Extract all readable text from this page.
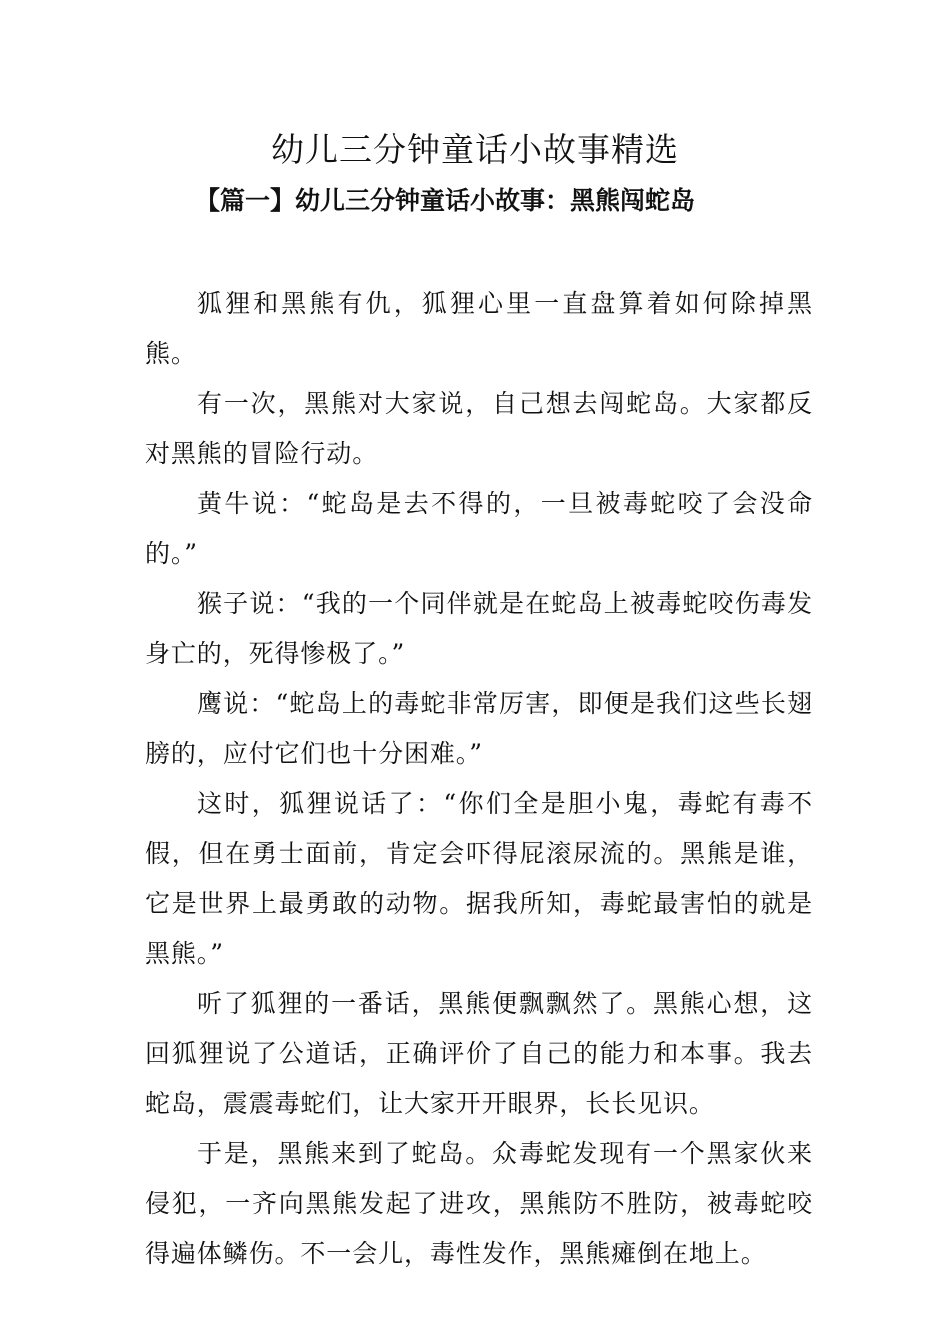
幼儿三分钟童话小故事精选
【篇一】幼儿三分钟童话小故事：黑熊闯蛇岛

狐狸和黑熊有仇，狐狸心里一直盘算着如何除掉黑熊。

有一次，黑熊对大家说，自己想去闯蛇岛。大家都反对黑熊的冒险行动。

黄牛说：“蛇岛是去不得的，一旦被毒蛇咬了会没命的。”

猴子说：“我的一个同伴就是在蛇岛上被毒蛇咬伤毒发身亡的，死得惨极了。”

鹰说：“蛇岛上的毒蛇非常厉害，即便是我们这些长翅膀的，应付它们也十分困难。”

这时，狐狸说话了：“你们全是胆小鬼，毒蛇有毒不假，但在勇士面前，肯定会吓得屁滚尿流的。黑熊是谁，它是世界上最勇敢的动物。据我所知，毒蛇最害怕的就是黑熊。”

听了狐狸的一番话，黑熊便飘飘然了。黑熊心想，这回狐狸说了公道话，正确评价了自己的能力和本事。我去蛇岛，震震毒蛇们，让大家开开眼界，长长见识。

于是，黑熊来到了蛇岛。众毒蛇发现有一个黑家伙来侵犯，一齐向黑熊发起了进攻，黑熊防不胜防，被毒蛇咬得遍体鳞伤。不一会儿，毒性发作，黑熊瘫倒在地上。
